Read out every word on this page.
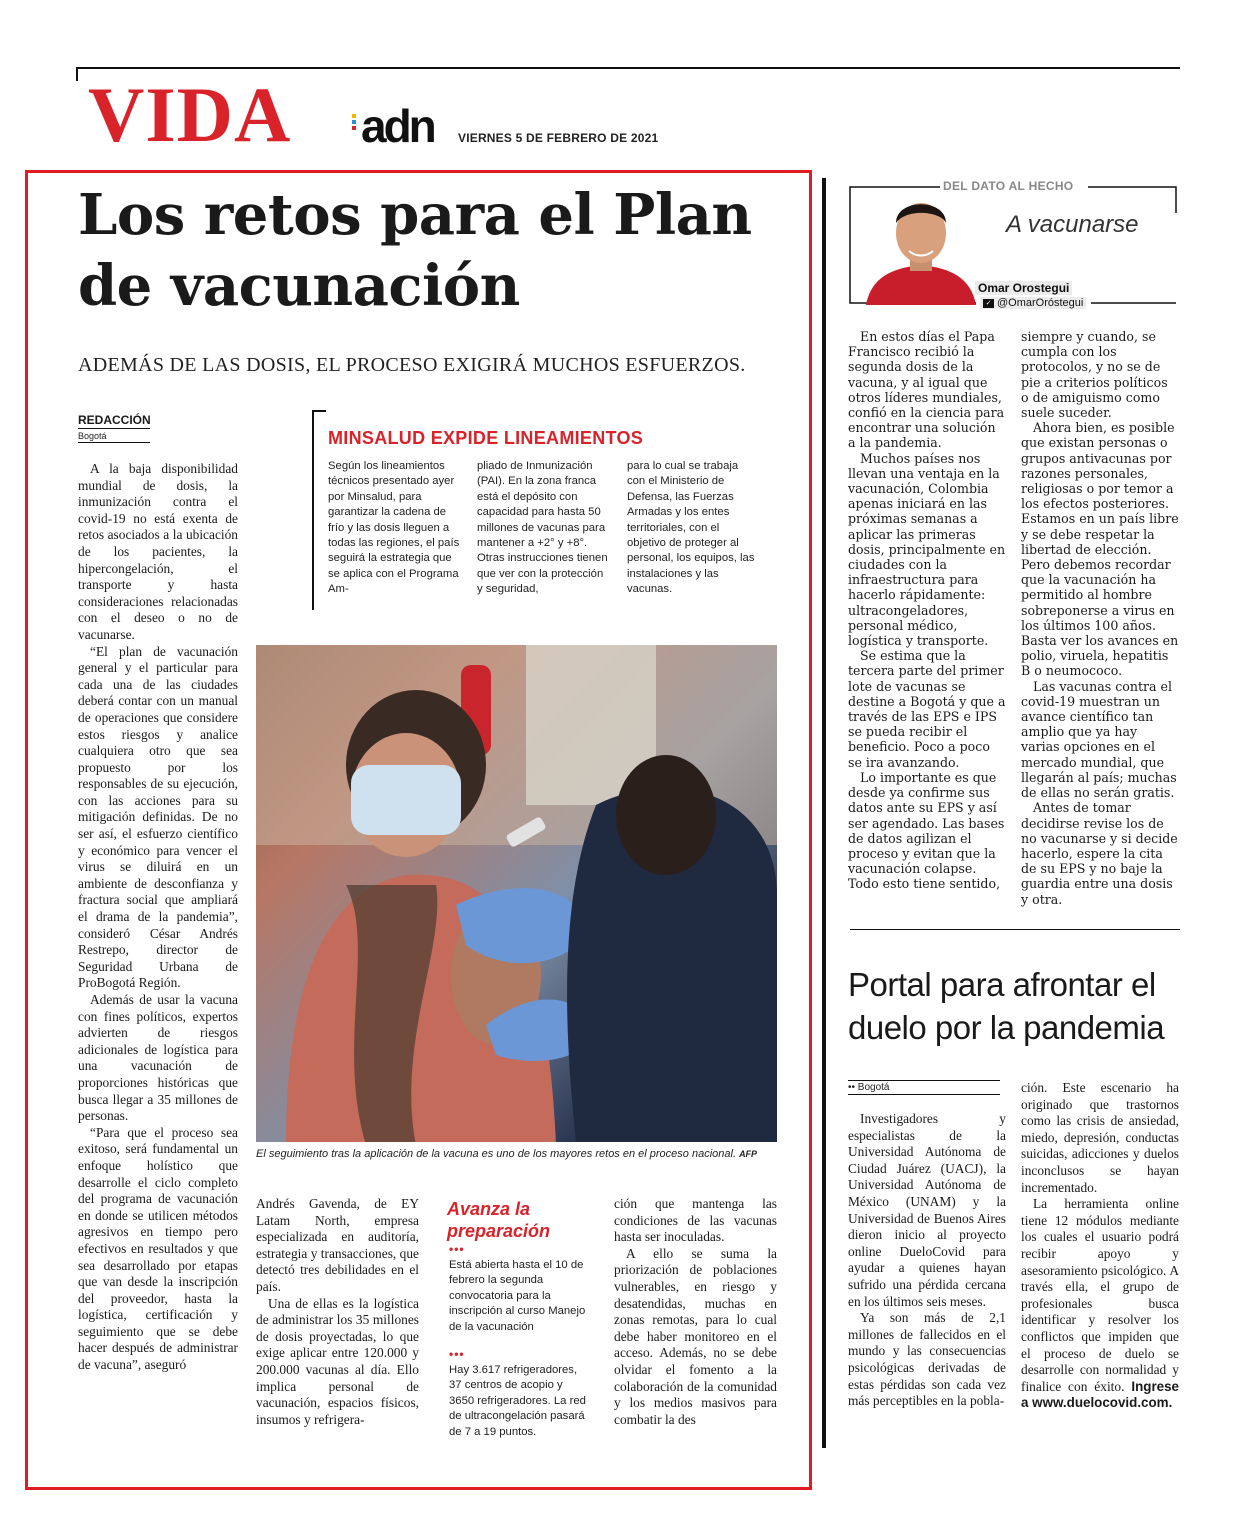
VIDA adn VIERNES 5 DE FEBRERO DE 2021
Los retos para el Plan de vacunación
ADEMÁS DE LAS DOSIS, EL PROCESO EXIGIRÁ MUCHOS ESFUERZOS.
REDACCIÓN
Bogotá

A la baja disponibilidad mundial de dosis, la inmunización contra el covid-19 no está exenta de retos asociados a la ubicación de los pacientes, la hipercongelación, el transporte y hasta consideraciones relacionadas con el deseo o no de vacunarse.

“El plan de vacunación general y el particular para cada una de las ciudades deberá contar con un manual de operaciones que considere estos riesgos y analice cualquiera otro que sea propuesto por los responsables de su ejecución, con las acciones para su mitigación definidas. De no ser así, el esfuerzo científico y económico para vencer el virus se diluirá en un ambiente de desconfianza y fractura social que ampliará el drama de la pandemia”, consideró César Andrés Restrepo, director de Seguridad Urbana de ProBogotá Región.

Además de usar la vacuna con fines políticos, expertos advierten de riesgos adicionales de logística para una vacunación de proporciones históricas que busca llegar a 35 millones de personas.

“Para que el proceso sea exitoso, será fundamental un enfoque holístico que desarrolle el ciclo completo del programa de vacunación en donde se utilicen métodos agresivos en tiempo pero efectivos en resultados y que sea desarrollado por etapas que van desde la inscripción del proveedor, hasta la logística, certificación y seguimiento que se debe hacer después de administrar de vacuna”, aseguró

MINSALUD EXPIDE LINEAMIENTOS
Según los lineamientos técnicos presentado ayer por Minsalud, para garantizar la cadena de frío y las dosis lleguen a todas las regiones, el país seguirá la estrategia que se aplica con el Programa Am-
pliado de Inmunización (PAI). En la zona franca está el depósito con capacidad para hasta 50 millones de vacunas para mantener a +2° y +8°. Otras instrucciones tienen que ver con la protección y seguridad,
para lo cual se trabaja con el Ministerio de Defensa, las Fuerzas Armadas y los entes territoriales, con el objetivo de proteger al personal, los equipos, las instalaciones y las vacunas.
El seguimiento tras la aplicación de la vacuna es uno de los mayores retos en el proceso nacional. AFP

Andrés Gavenda, de EY Latam North, empresa especializada en auditoría, estrategia y transacciones, que detectó tres debilidades en el país.

Una de ellas es la logística de administrar los 35 millones de dosis proyectadas, lo que exige aplicar entre 120.000 y 200.000 vacunas al día. Ello implica personal de vacunación, espacios físicos, insumos y refrigera-

Avanza la preparación
•••
Está abierta hasta el 10 de febrero la segunda convocatoria para la inscripción al curso Manejo de la vacunación
•••
Hay 3.617 refrigeradores, 37 centros de acopio y 3650 refrigeradores. La red de ultracongelación pasará de 7 a 19 puntos.

ción que mantenga las condiciones de las vacunas hasta ser inoculadas.

A ello se suma la priorización de poblaciones vulnerables, en riesgo y desatendidas, muchas en zonas remotas, para lo cual debe haber monitoreo en el acceso. Además, no se debe olvidar el fomento a la colaboración de la comunidad y los medios masivos para combatir la des

DEL DATO AL HECHO
A vacunarse
Omar Orostegui
✓ @OmarOróstegui

En estos días el Papa Francisco recibió la segunda dosis de la vacuna, y al igual que otros líderes mundiales, confió en la ciencia para encontrar una solución a la pandemia.

Muchos países nos llevan una ventaja en la vacunación, Colombia apenas iniciará en las próximas semanas a aplicar las primeras dosis, principalmente en ciudades con la infraestructura para hacerlo rápidamente: ultracongeladores, personal médico, logística y transporte.

Se estima que la tercera parte del primer lote de vacunas se destine a Bogotá y que a través de las EPS e IPS se pueda recibir el beneficio. Poco a poco se ira avanzando.

Lo importante es que desde ya confirme sus datos ante su EPS y así ser agendado. Las bases de datos agilizan el proceso y evitan que la vacunación colapse. Todo esto tiene sentido,

siempre y cuando, se cumpla con los protocolos, y no se de pie a criterios políticos o de amiguismo como suele suceder.

Ahora bien, es posible que existan personas o grupos antivacunas por razones personales, religiosas o por temor a los efectos posteriores. Estamos en un país libre y se debe respetar la libertad de elección. Pero debemos recordar que la vacunación ha permitido al hombre sobreponerse a virus en los últimos 100 años. Basta ver los avances en polio, viruela, hepatitis B o neumococo.

Las vacunas contra el covid-19 muestran un avance científico tan amplio que ya hay varias opciones en el mercado mundial, que llegarán al país; muchas de ellas no serán gratis.

Antes de tomar decidirse revise los de no vacunarse y si decide hacerlo, espere la cita de su EPS y no baje la guardia entre una dosis y otra.

Portal para afrontar el duelo por la pandemia
•• Bogotá

Investigadores y especialistas de la Universidad Autónoma de Ciudad Juárez (UACJ), la Universidad Autónoma de México (UNAM) y la Universidad de Buenos Aires dieron inicio al proyecto online DueloCovid para ayudar a quienes hayan sufrido una pérdida cercana en los últimos seis meses.

Ya son más de 2,1 millones de fallecidos en el mundo y las consecuencias psicológicas derivadas de estas pérdidas son cada vez más perceptibles en la pobla-

ción. Este escenario ha originado que trastornos como las crisis de ansiedad, miedo, depresión, conductas suicidas, adicciones y duelos inconclusos se hayan incrementado.

La herramienta online tiene 12 módulos mediante los cuales el usuario podrá recibir apoyo y asesoramiento psicológico. A través ella, el grupo de profesionales busca identificar y resolver los conflictos que impiden que el proceso de duelo se desarrolle con normalidad y finalice con éxito. Ingrese a www.duelocovid.com.
